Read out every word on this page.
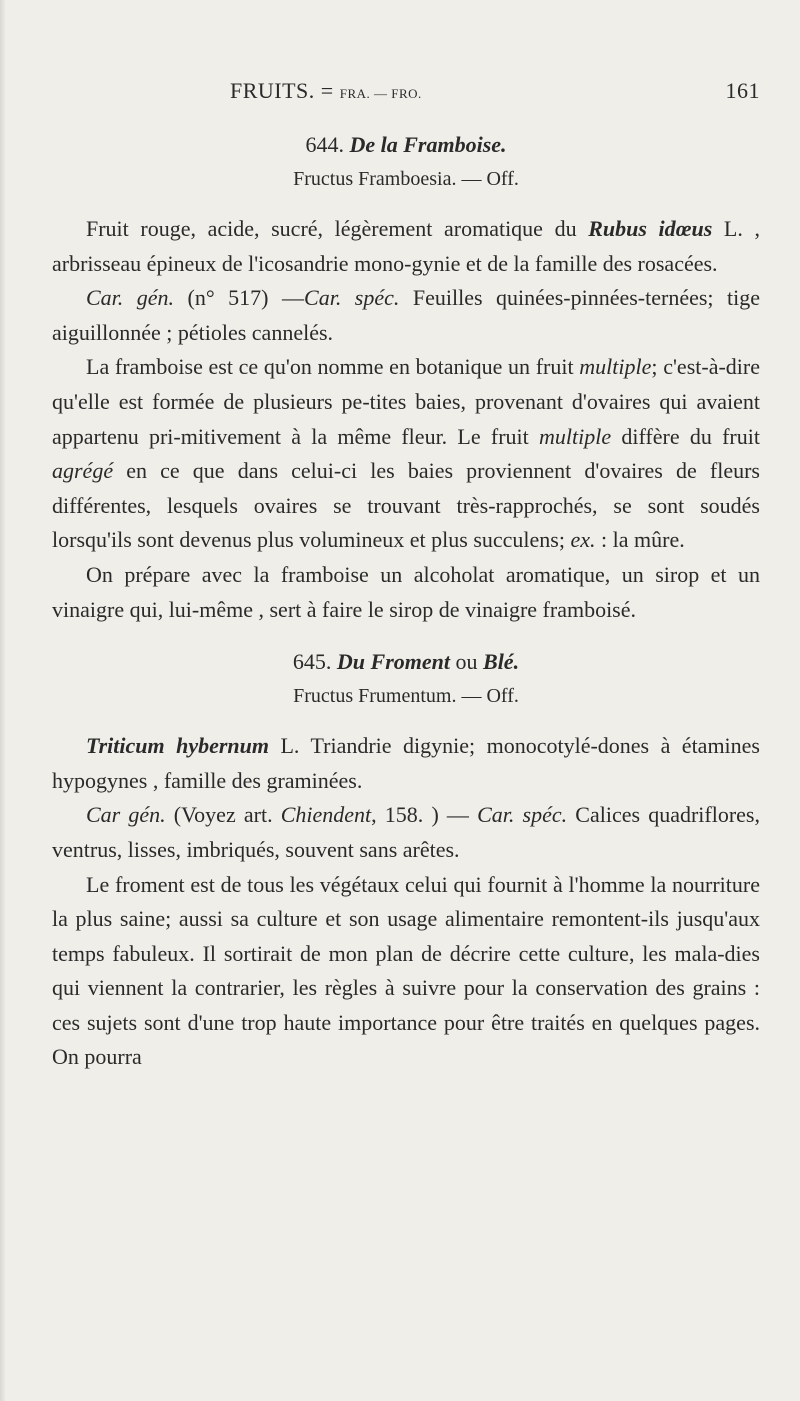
FRUITS. = FRA. — FRO.	161
644. De la Framboise.
Fructus Framboesia. — Off.

Fruit rouge, acide, sucré, légèrement aromatique du Rubus idœus L. , arbrisseau épineux de l'icosandrie mono-gynie et de la famille des rosacées.

Car. gén. (n° 517) —Car. spéc. Feuilles quinées-pinnées-ternées; tige aiguillonnée ; pétioles cannelés.

La framboise est ce qu'on nomme en botanique un fruit multiple; c'est-à-dire qu'elle est formée de plusieurs pe-tites baies, provenant d'ovaires qui avaient appartenu pri-mitivement à la même fleur. Le fruit multiple diffère du fruit agrégé en ce que dans celui-ci les baies proviennent d'ovaires de fleurs différentes, lesquels ovaires se trouvant très-rapprochés, se sont soudés lorsqu'ils sont devenus plus volumineux et plus succulens; ex. : la mûre.

On prépare avec la framboise un alcoholat aromatique, un sirop et un vinaigre qui, lui-même , sert à faire le sirop de vinaigre framboisé.

645. Du Froment ou Blé.
Fructus Frumentum. — Off.

Triticum hybernum L. Triandrie digynie; monocotylé-dones à étamines hypogynes , famille des graminées.

Car gén. (Voyez art. Chiendent, 158. ) — Car. spéc. Calices quadriflores, ventrus, lisses, imbriqués, souvent sans arêtes.

Le froment est de tous les végétaux celui qui fournit à l'homme la nourriture la plus saine; aussi sa culture et son usage alimentaire remontent-ils jusqu'aux temps fabuleux. Il sortirait de mon plan de décrire cette culture, les mala-dies qui viennent la contrarier, les règles à suivre pour la conservation des grains : ces sujets sont d'une trop haute importance pour être traités en quelques pages. On pourra
